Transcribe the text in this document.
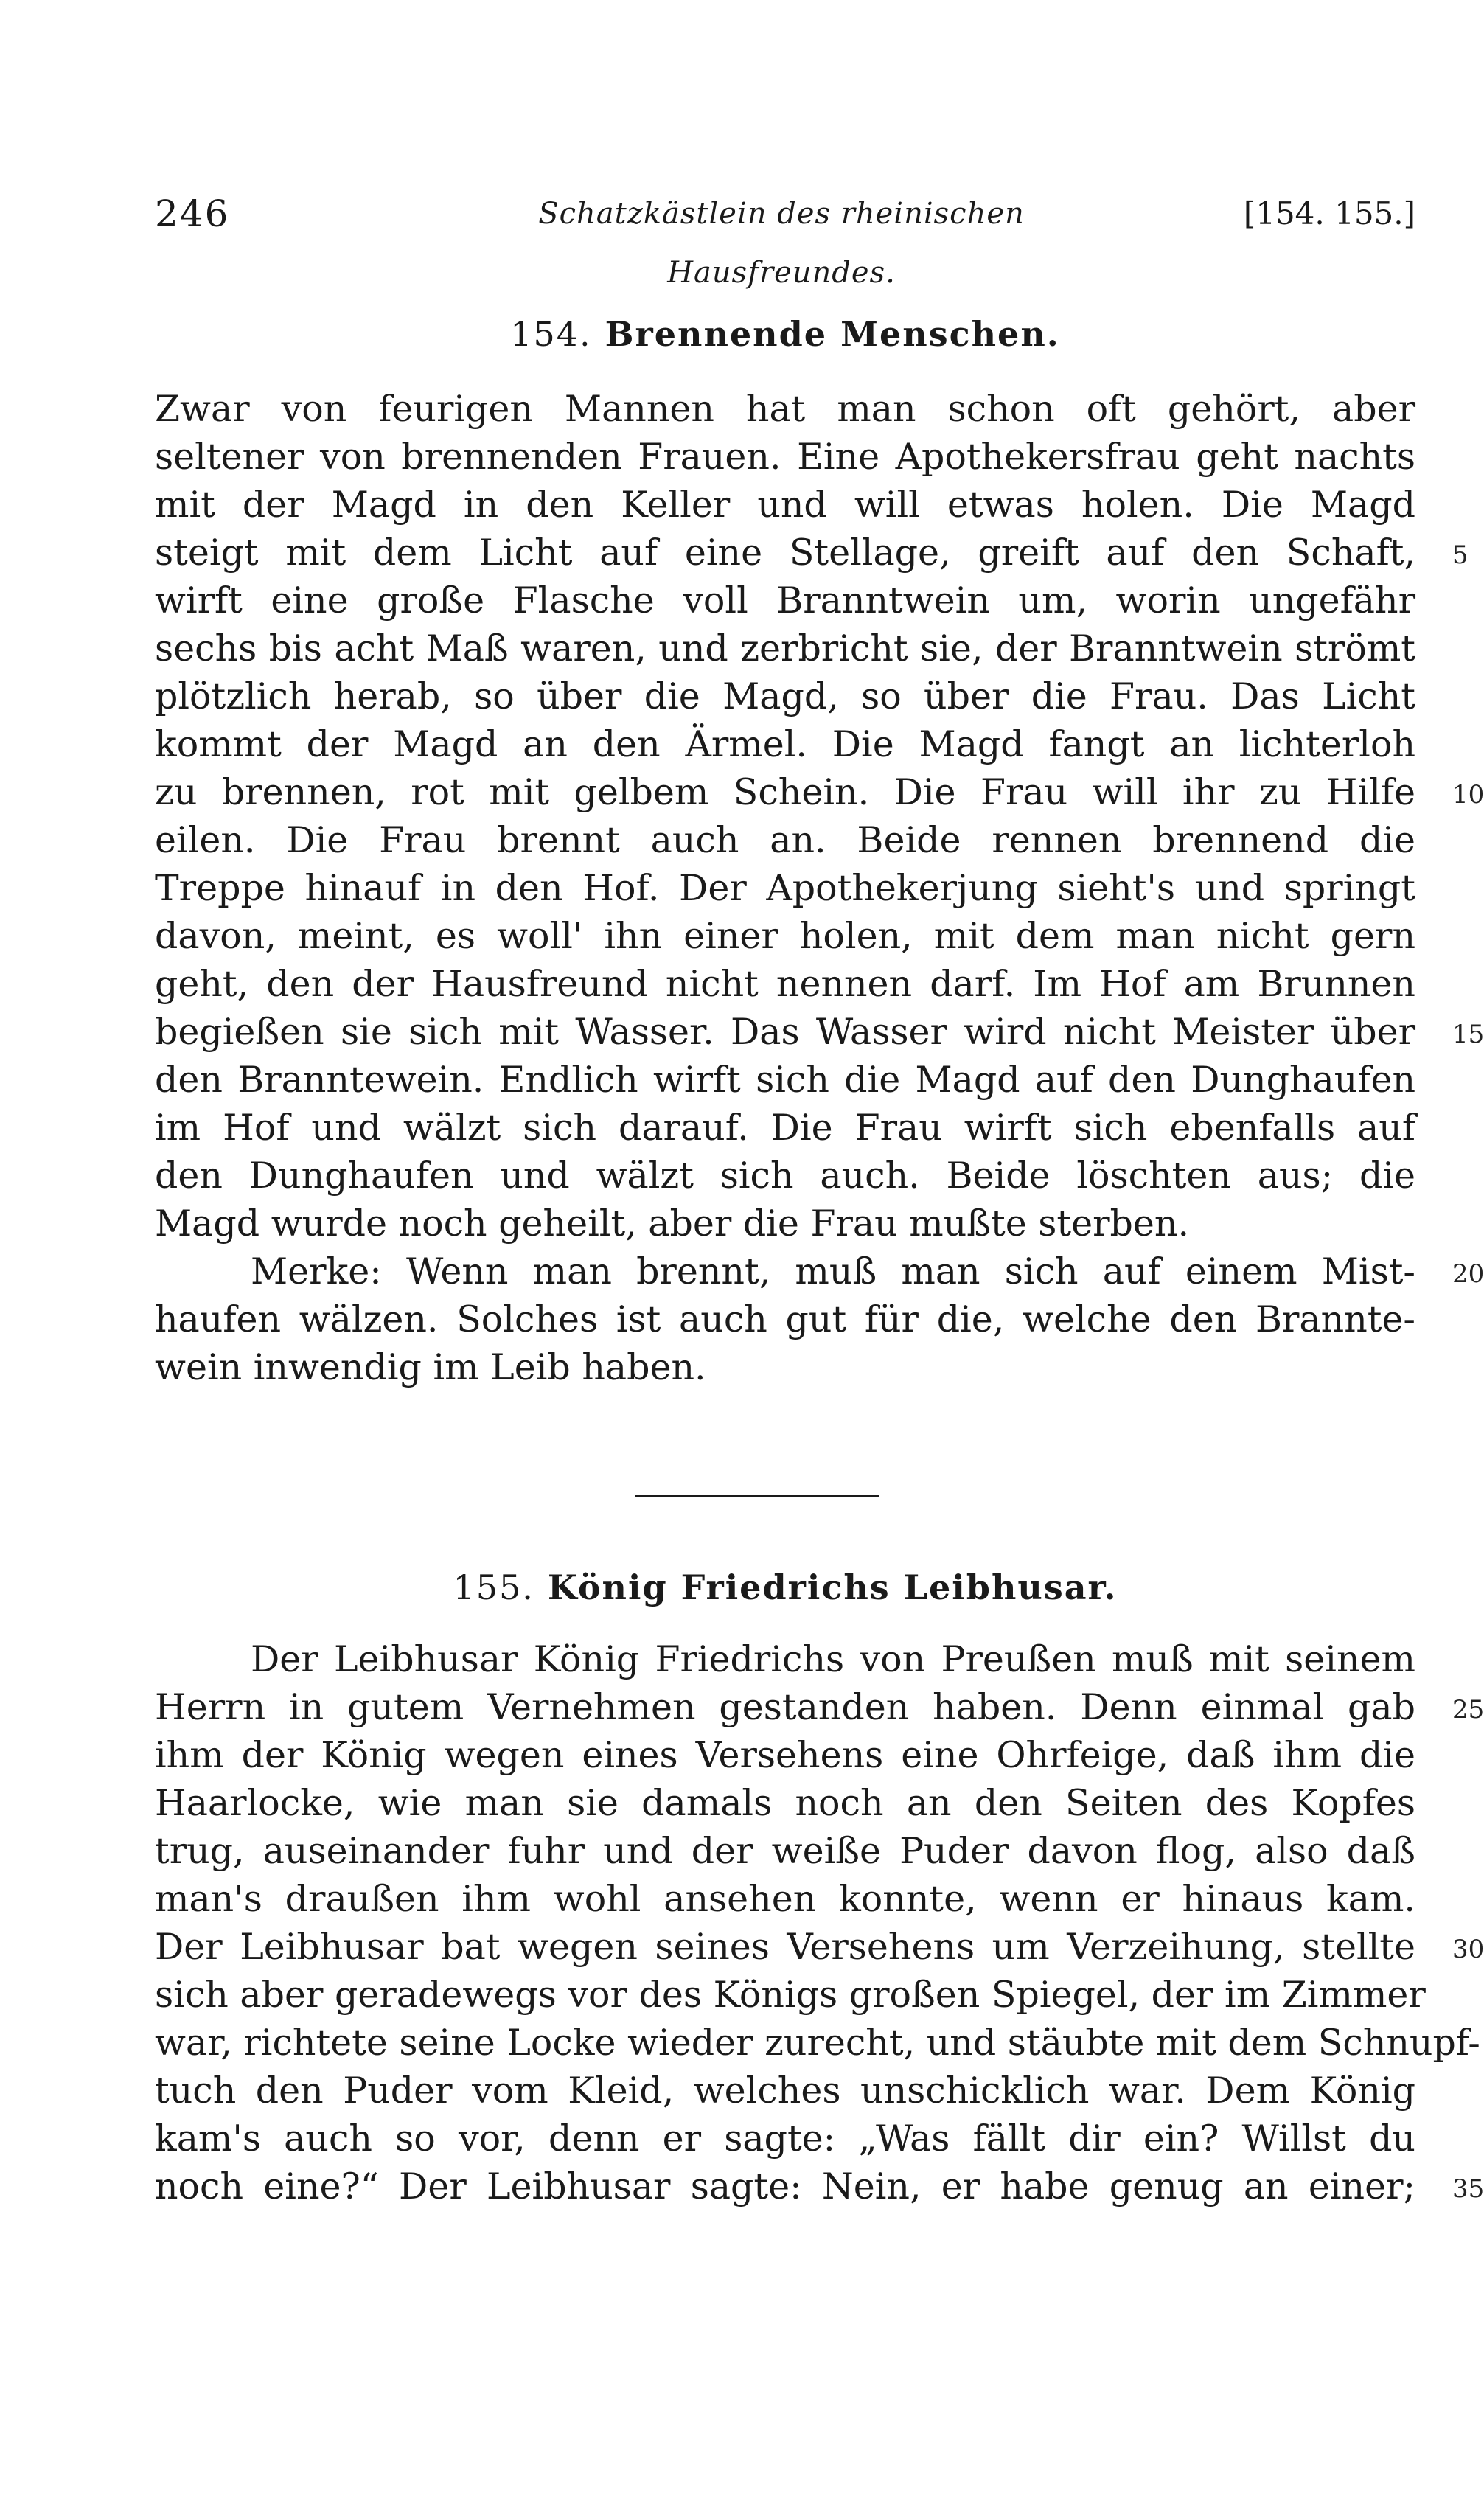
246	Schatzkästlein des rheinischen Hausfreundes.
[154. 155.]
154. Brennende Menschen.
Zwar von feurigen Mannen hat man schon oft gehört, aber
seltener von brennenden Frauen. Eine Apothekersfrau geht nachts
mit der Magd in den Keller und will etwas holen. Die Magd
steigt mit dem Licht auf eine Stellage, greift auf den Schaft, 5
wirft eine große Flasche voll Branntwein um, worin ungefähr
sechs bis acht Maß waren, und zerbricht sie, der Branntwein strömt
plötzlich herab, so über die Magd, so über die Frau. Das Licht
kommt der Magd an den Ärmel. Die Magd fangt an lichterloh
zu brennen, rot mit gelbem Schein. Die Frau will ihr zu Hilfe 10
eilen. Die Frau brennt auch an. Beide rennen brennend die
Treppe hinauf in den Hof. Der Apothekerjung sieht's und springt
davon, meint, es woll' ihn einer holen, mit dem man nicht gern
geht, den der Hausfreund nicht nennen darf. Im Hof am Brunnen
begießen sie sich mit Wasser. Das Wasser wird nicht Meister über 15
den Branntewein. Endlich wirft sich die Magd auf den Dunghaufen
im Hof und wälzt sich darauf. Die Frau wirft sich ebenfalls auf
den Dunghaufen und wälzt sich auch. Beide löschten aus; die
Magd wurde noch geheilt, aber die Frau mußte sterben.
Merke: Wenn man brennt, muß man sich auf einem Mist- 20
haufen wälzen. Solches ist auch gut für die, welche den Brannte-
wein inwendig im Leib haben.
155. König Friedrichs Leibhusar.
Der Leibhusar König Friedrichs von Preußen muß mit seinem
Herrn in gutem Vernehmen gestanden haben. Denn einmal gab 25
ihm der König wegen eines Versehens eine Ohrfeige, daß ihm die
Haarlocke, wie man sie damals noch an den Seiten des Kopfes
trug, auseinander fuhr und der weiße Puder davon flog, also daß
man's draußen ihm wohl ansehen konnte, wenn er hinaus kam.
Der Leibhusar bat wegen seines Versehens um Verzeihung, stellte 30
sich aber geradewegs vor des Königs großen Spiegel, der im Zimmer
war, richtete seine Locke wieder zurecht, und stäubte mit dem Schnupf-
tuch den Puder vom Kleid, welches unschicklich war. Dem König
kam's auch so vor, denn er sagte: „Was fällt dir ein? Willst du
noch eine?“ Der Leibhusar sagte: Nein, er habe genug an einer; 35
